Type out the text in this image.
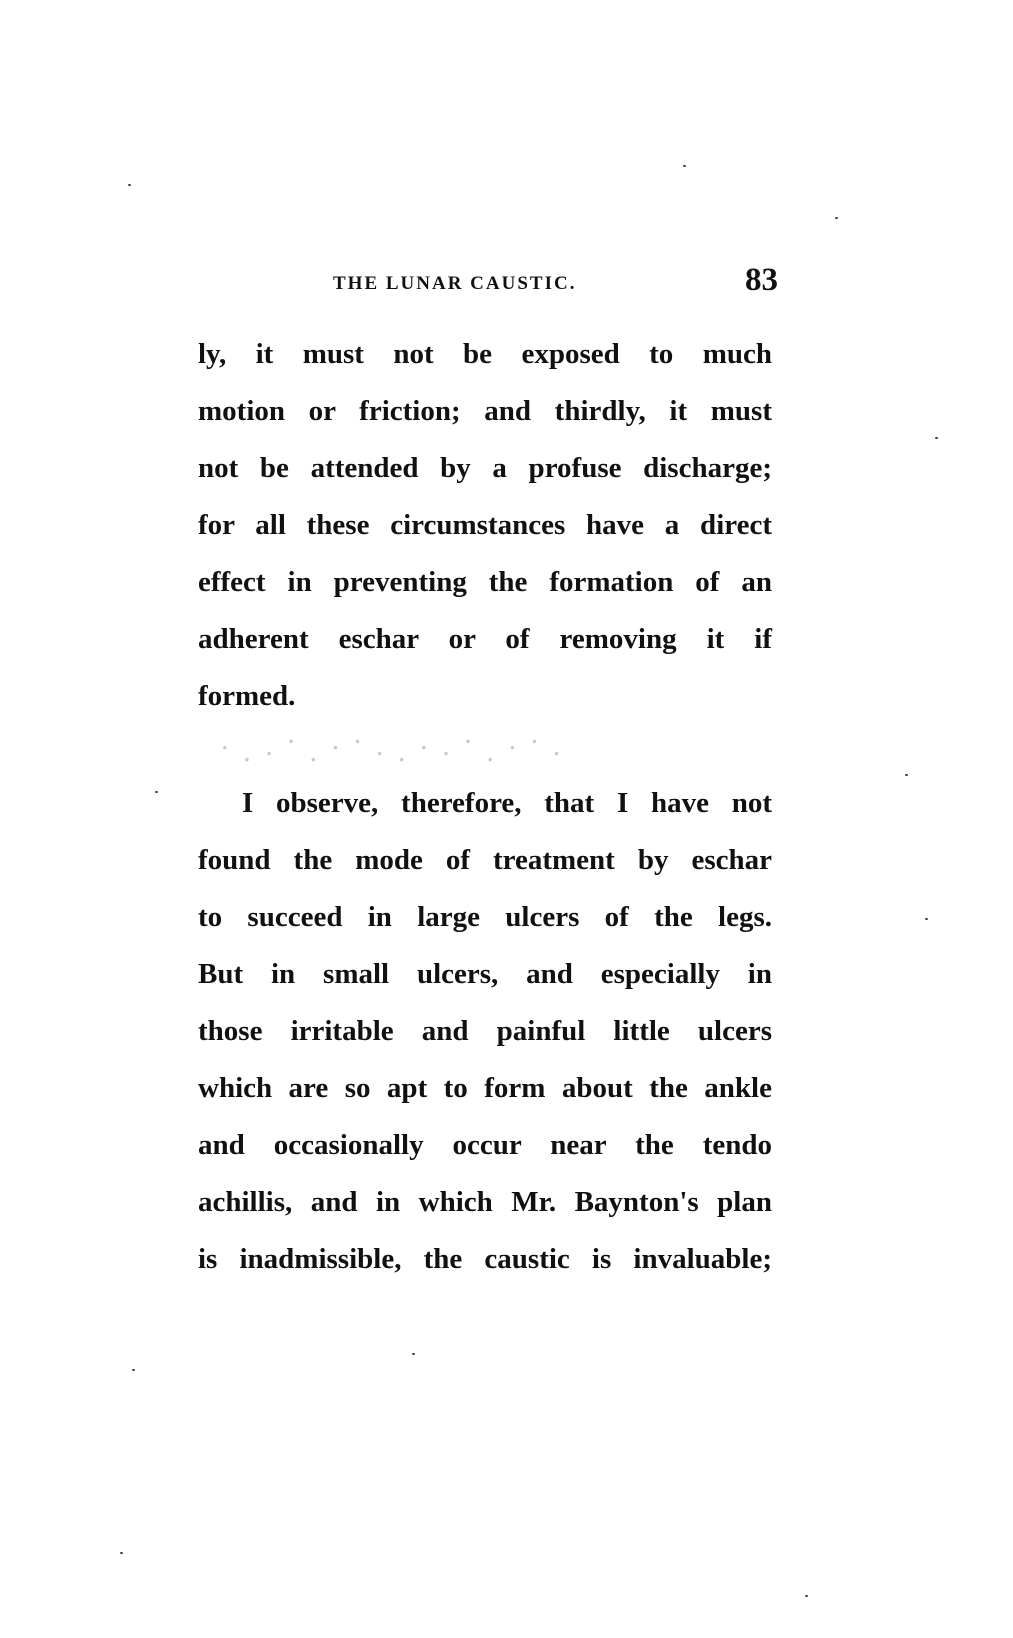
THE LUNAR CAUSTIC.	83
ly, it must not be exposed to much
motion or friction; and thirdly, it must
not be attended by a profuse discharge;
for all these circumstances have a direct
effect in preventing the formation of an
adherent eschar or of removing it if
formed.
⠂⡀⠄⠁⡀⠂⠁⠄⡀⠂⠄⠁⡀⠂⠁⠄
I observe, therefore, that I have not
found the mode of treatment by eschar
to succeed in large ulcers of the legs.
But in small ulcers, and especially in
those irritable and painful little ulcers
which are so apt to form about the ankle
and occasionally occur near the tendo
achillis, and in which Mr. Baynton's plan
is inadmissible, the caustic is invaluable;
